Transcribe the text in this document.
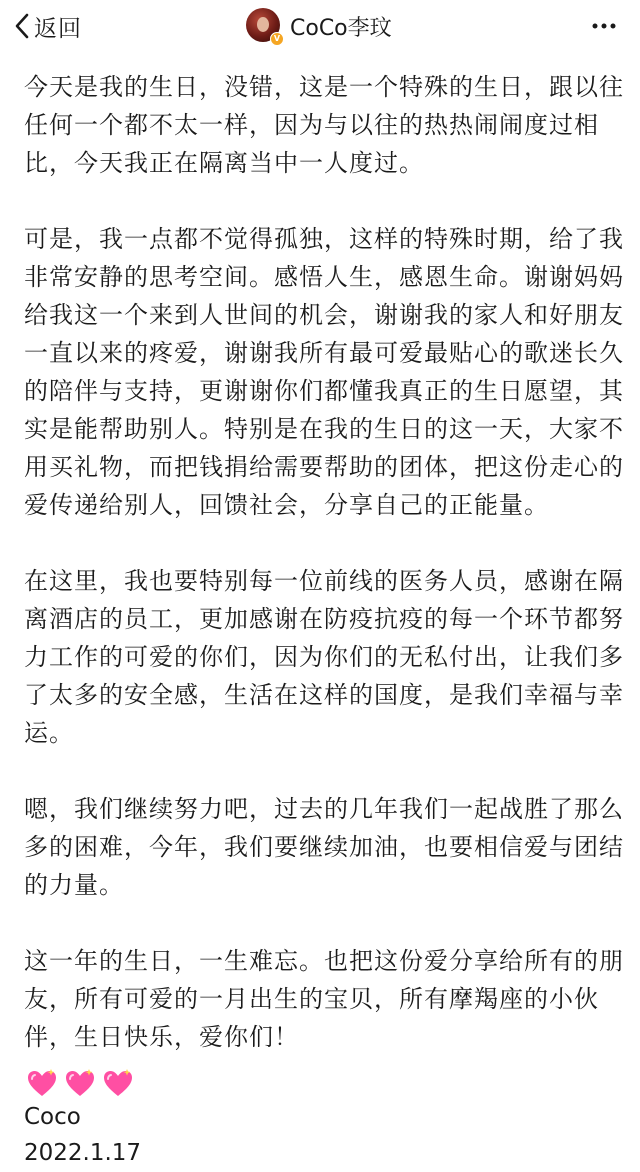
返回	V CoCo李玟

今天是我的生日，没错，这是一个特殊的生日，跟以往任何一个都不太一样，因为与以往的热热闹闹度过相比，今天我正在隔离当中一人度过。

可是，我一点都不觉得孤独，这样的特殊时期，给了我非常安静的思考空间。感悟人生，感恩生命。谢谢妈妈给我这一个来到人世间的机会，谢谢我的家人和好朋友一直以来的疼爱，谢谢我所有最可爱最贴心的歌迷长久的陪伴与支持，更谢谢你们都懂我真正的生日愿望，其实是能帮助别人。特别是在我的生日的这一天，大家不用买礼物，而把钱捐给需要帮助的团体，把这份走心的爱传递给别人，回馈社会，分享自己的正能量。

在这里，我也要特别每一位前线的医务人员，感谢在隔离酒店的员工，更加感谢在防疫抗疫的每一个环节都努力工作的可爱的你们，因为你们的无私付出，让我们多了太多的安全感，生活在这样的国度，是我们幸福与幸运。

嗯，我们继续努力吧，过去的几年我们一起战胜了那么多的困难，今年，我们要继续加油，也要相信爱与团结的力量。

这一年的生日，一生难忘。也把这份爱分享给所有的朋友，所有可爱的一月出生的宝贝，所有摩羯座的小伙伴，生日快乐，爱你们！

Coco
2022.1.17
